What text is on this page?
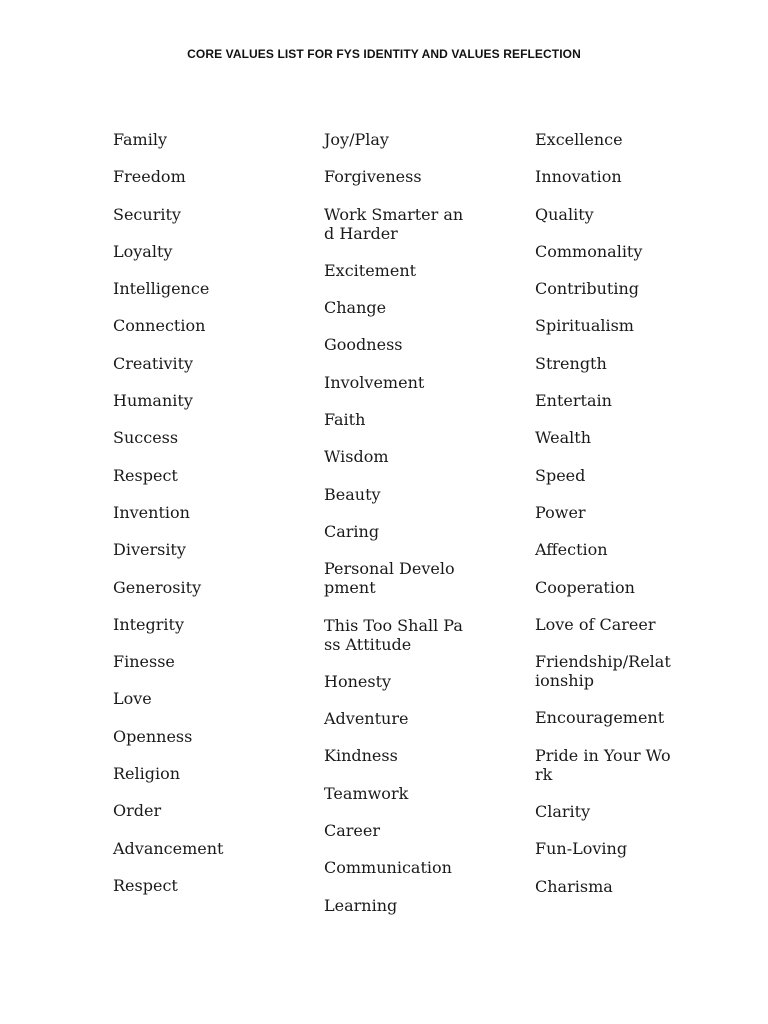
CORE VALUES LIST FOR FYS IDENTITY AND VALUES REFLECTION
Family
Freedom
Security
Loyalty
Intelligence
Connection
Creativity
Humanity
Success
Respect
Invention
Diversity
Generosity
Integrity
Finesse
Love
Openness
Religion
Order
Advancement
Respect
Joy/Play
Forgiveness
Work Smarter and Harder
Excitement
Change
Goodness
Involvement
Faith
Wisdom
Beauty
Caring
Personal Development
This Too Shall Pass Attitude
Honesty
Adventure
Kindness
Teamwork
Career
Communication
Learning
Excellence
Innovation
Quality
Commonality
Contributing
Spiritualism
Strength
Entertain
Wealth
Speed
Power
Affection
Cooperation
Love of Career
Friendship/Relationship
Encouragement
Pride in Your Work
Clarity
Fun-Loving
Charisma
